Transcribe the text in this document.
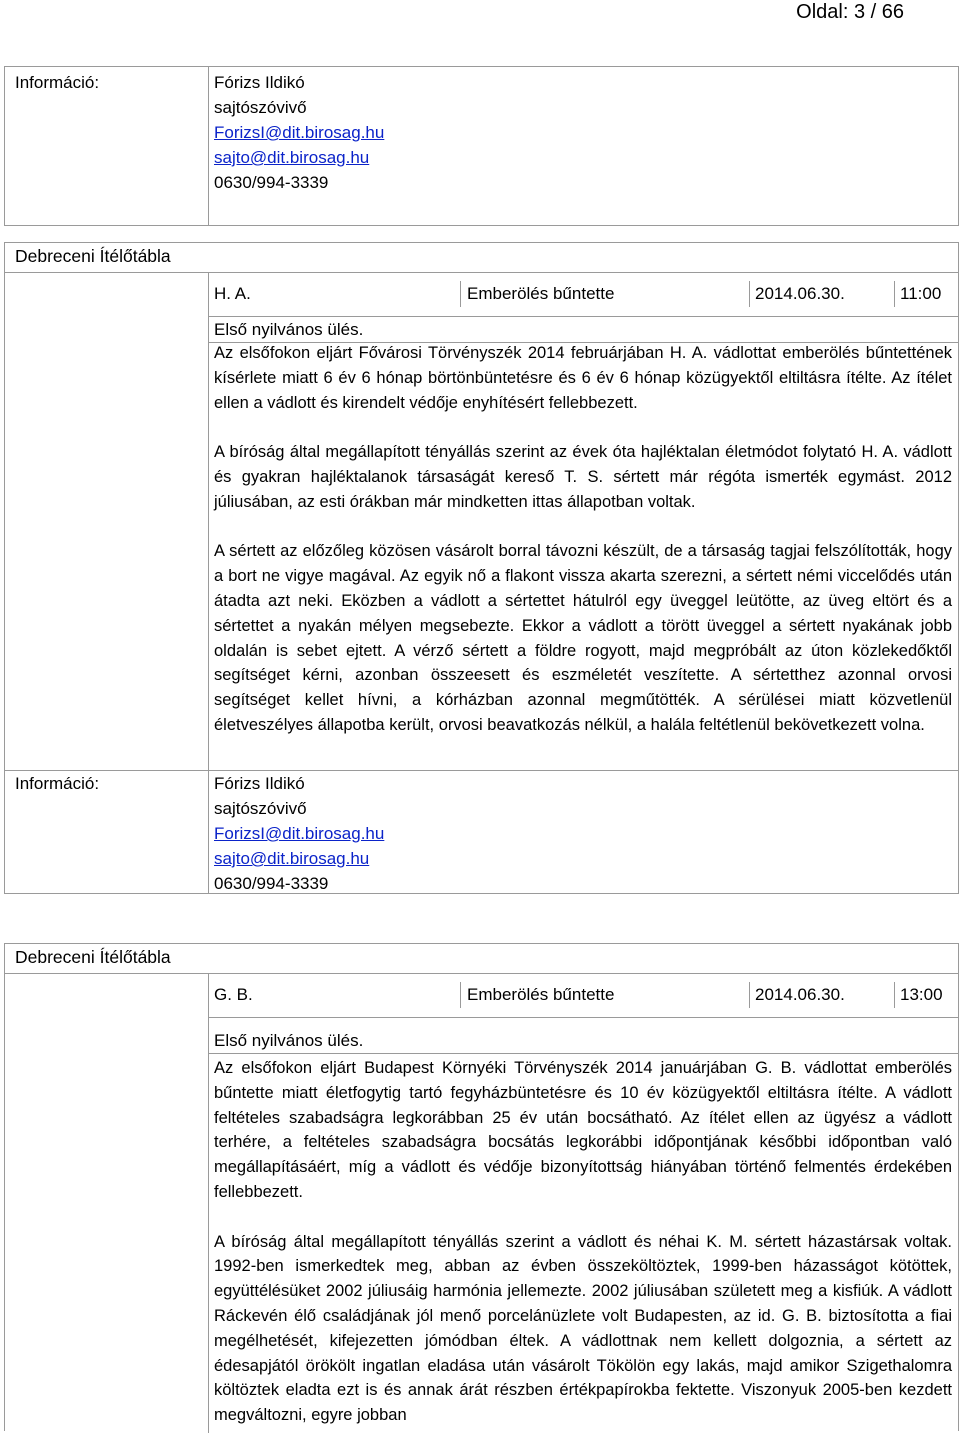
Oldal: 3 / 66
Információ:	Fórizs Ildikó
sajtószóvivő
ForizsI@dit.birosag.hu
sajto@dit.birosag.hu
0630/994-3339
Debreceni Ítélőtábla
H. A.	Emberölés bűntette	2014.06.30.	11:00
Első nyilvános ülés.

Az elsőfokon eljárt Fővárosi Törvényszék 2014 februárjában H. A. vádlottat emberölés bűntettének kísérlete miatt 6 év 6 hónap börtönbüntetésre és 6 év 6 hónap közügyektől eltiltásra ítélte. Az ítélet ellen a vádlott és kirendelt védője enyhítésért fellebbezett.

A bíróság által megállapított tényállás szerint az évek óta hajléktalan életmódot folytató H. A. vádlott és gyakran hajléktalanok társaságát kereső T. S. sértett már régóta ismerték egymást. 2012 júliusában, az esti órákban már mindketten ittas állapotban voltak.

A sértett az előzőleg közösen vásárolt borral távozni készült, de a társaság tagjai felszólították, hogy a bort ne vigye magával. Az egyik nő a flakont vissza akarta szerezni, a sértett némi viccelődés után átadta azt neki. Eközben a vádlott a sértettet hátulról egy üveggel leütötte, az üveg eltört és a sértettet a nyakán mélyen megsebezte. Ekkor a vádlott a törött üveggel a sértett nyakának jobb oldalán is sebet ejtett. A vérző sértett a földre rogyott, majd megpróbált az úton közlekedőktől segítséget kérni, azonban összeesett és eszméletét veszítette. A sértetthez azonnal orvosi segítséget kellet hívni, a kórházban azonnal megműtötték. A sérülései miatt közvetlenül életveszélyes állapotba került, orvosi beavatkozás nélkül, a halála feltétlenül bekövetkezett volna.

Információ:	Fórizs Ildikó
sajtószóvivő
ForizsI@dit.birosag.hu
sajto@dit.birosag.hu
0630/994-3339
Debreceni Ítélőtábla
G. B.	Emberölés bűntette	2014.06.30.	13:00
Első nyilvános ülés.

Az elsőfokon eljárt Budapest Környéki Törvényszék 2014 januárjában G. B. vádlottat emberölés bűntette miatt életfogytig tartó fegyházbüntetésre és 10 év közügyektől eltiltásra ítélte. A vádlott feltételes szabadságra legkorábban 25 év után bocsátható. Az ítélet ellen az ügyész a vádlott terhére, a feltételes szabadságra bocsátás legkorábbi időpontjának későbbi időpontban való megállapításáért, míg a vádlott és védője bizonyítottság hiányában történő felmentés érdekében fellebbezett.

A bíróság által megállapított tényállás szerint a vádlott és néhai K. M. sértett házastársak voltak. 1992-ben ismerkedtek meg, abban az évben összeköltöztek, 1999-ben házasságot kötöttek, együttélésüket 2002 júliusáig harmónia jellemezte. 2002 júliusában született meg a kisfiúk. A vádlott Ráckevén élő családjának jól menő porcelánüzlete volt Budapesten, az id. G. B. biztosította a fiai megélhetését, kifejezetten jómódban éltek. A vádlottnak nem kellett dolgoznia, a sértett az édesapjától örökölt ingatlan eladása után vásárolt Tökölön egy lakás, majd amikor Szigethalomra költöztek eladta ezt is és annak árát részben értékpapírokba fektette. Viszonyuk 2005-ben kezdett megváltozni, egyre jobban
